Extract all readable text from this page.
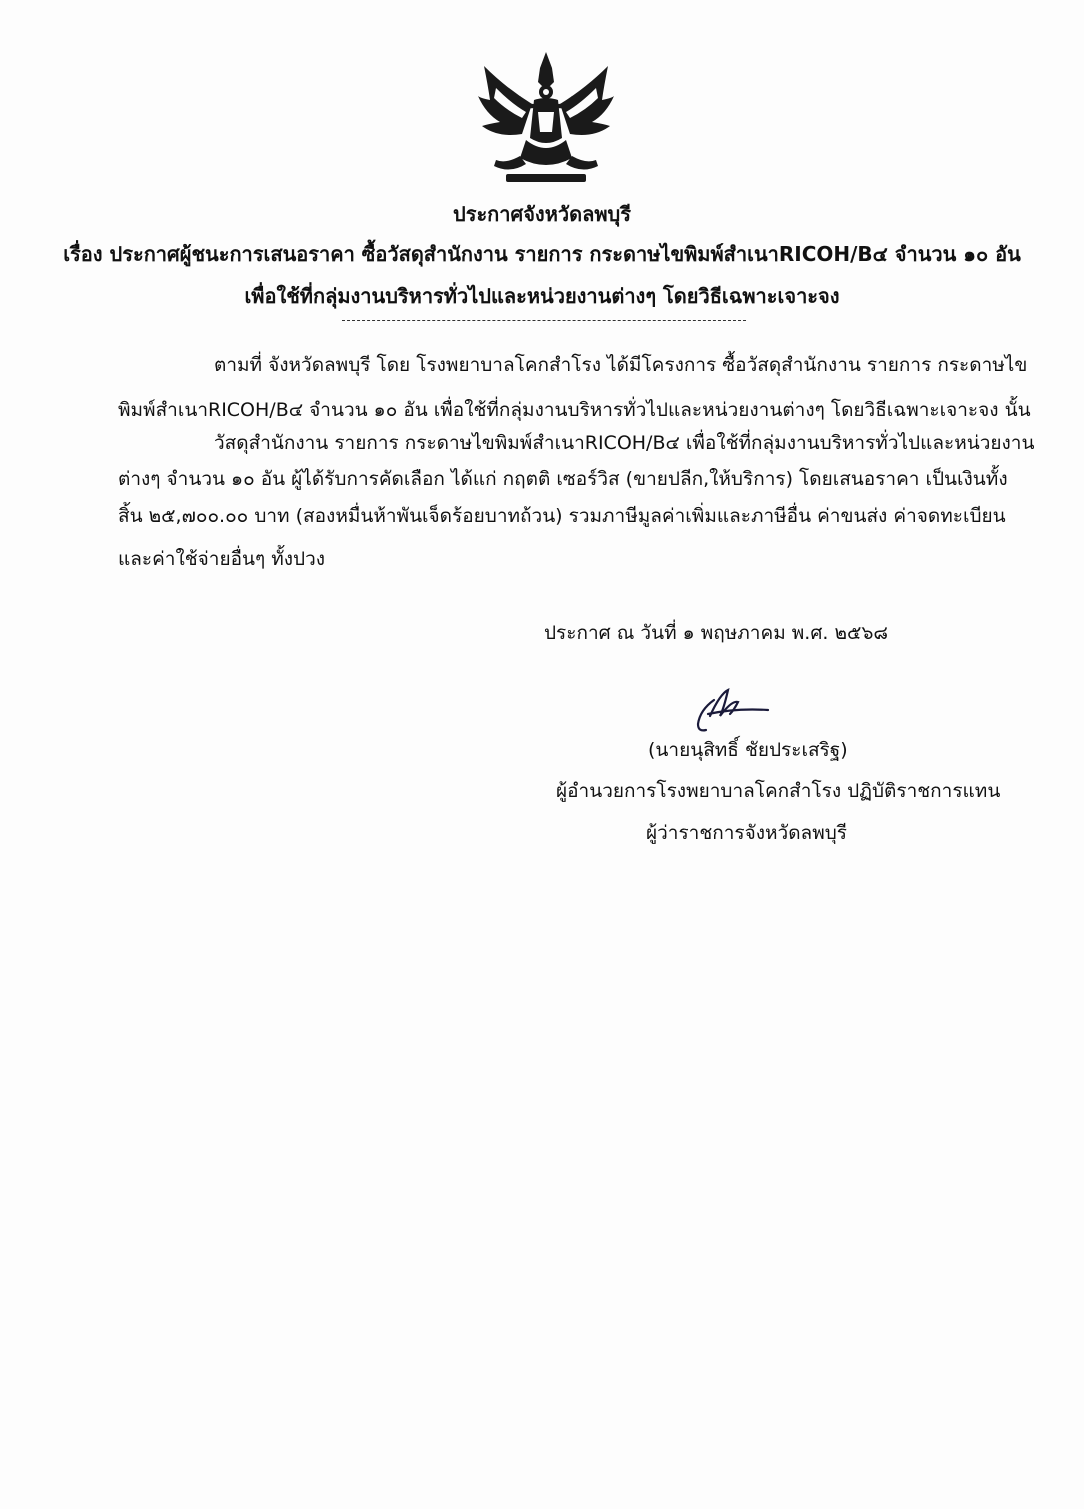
ประกาศจังหวัดลพบุรี
เรื่อง ประกาศผู้ชนะการเสนอราคา ซื้อวัสดุสำนักงาน รายการ กระดาษไขพิมพ์สำเนาRICOH/B๔ จำนวน ๑๐ อัน
เพื่อใช้ที่กลุ่มงานบริหารทั่วไปและหน่วยงานต่างๆ โดยวิธีเฉพาะเจาะจง
ตามที่ จังหวัดลพบุรี โดย โรงพยาบาลโคกสำโรง ได้มีโครงการ ซื้อวัสดุสำนักงาน รายการ กระดาษไข
พิมพ์สำเนาRICOH/B๔ จำนวน ๑๐ อัน เพื่อใช้ที่กลุ่มงานบริหารทั่วไปและหน่วยงานต่างๆ โดยวิธีเฉพาะเจาะจง นั้น
วัสดุสำนักงาน รายการ กระดาษไขพิมพ์สำเนาRICOH/B๔ เพื่อใช้ที่กลุ่มงานบริหารทั่วไปและหน่วยงาน
ต่างๆ จำนวน ๑๐ อัน ผู้ได้รับการคัดเลือก ได้แก่ กฤตติ เซอร์วิส (ขายปลีก,ให้บริการ) โดยเสนอราคา เป็นเงินทั้ง
สิ้น ๒๕,๗๐๐.๐๐ บาท (สองหมื่นห้าพันเจ็ดร้อยบาทถ้วน) รวมภาษีมูลค่าเพิ่มและภาษีอื่น ค่าขนส่ง ค่าจดทะเบียน
และค่าใช้จ่ายอื่นๆ ทั้งปวง
ประกาศ ณ วันที่ ๑ พฤษภาคม พ.ศ. ๒๕๖๘
(นายนุสิทธิ์ ชัยประเสริฐ)
ผู้อำนวยการโรงพยาบาลโคกสำโรง ปฏิบัติราชการแทน
ผู้ว่าราชการจังหวัดลพบุรี
